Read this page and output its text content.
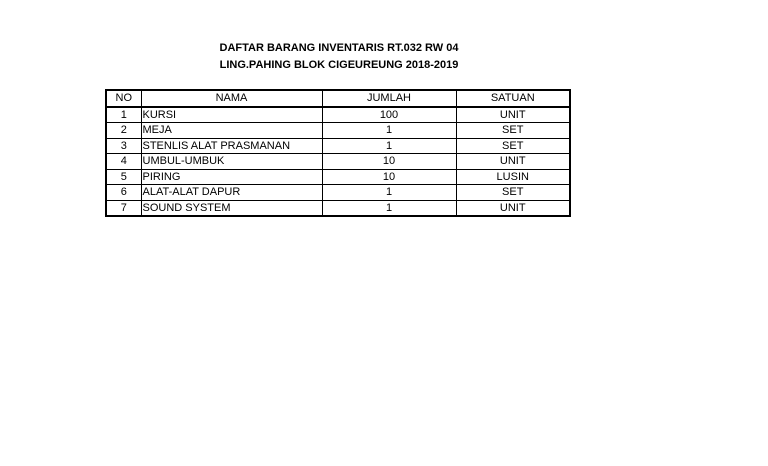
DAFTAR BARANG INVENTARIS RT.032 RW 04
LING.PAHING BLOK CIGEUREUNG 2018-2019
NO	NAMA	JUMLAH	SATUAN
1	KURSI	100	UNIT
2	MEJA	1	SET
3	STENLIS ALAT PRASMANAN	1	SET
4	UMBUL-UMBUK	10	UNIT
5	PIRING	10	LUSIN
6	ALAT-ALAT DAPUR	1	SET
7	SOUND SYSTEM	1	UNIT
